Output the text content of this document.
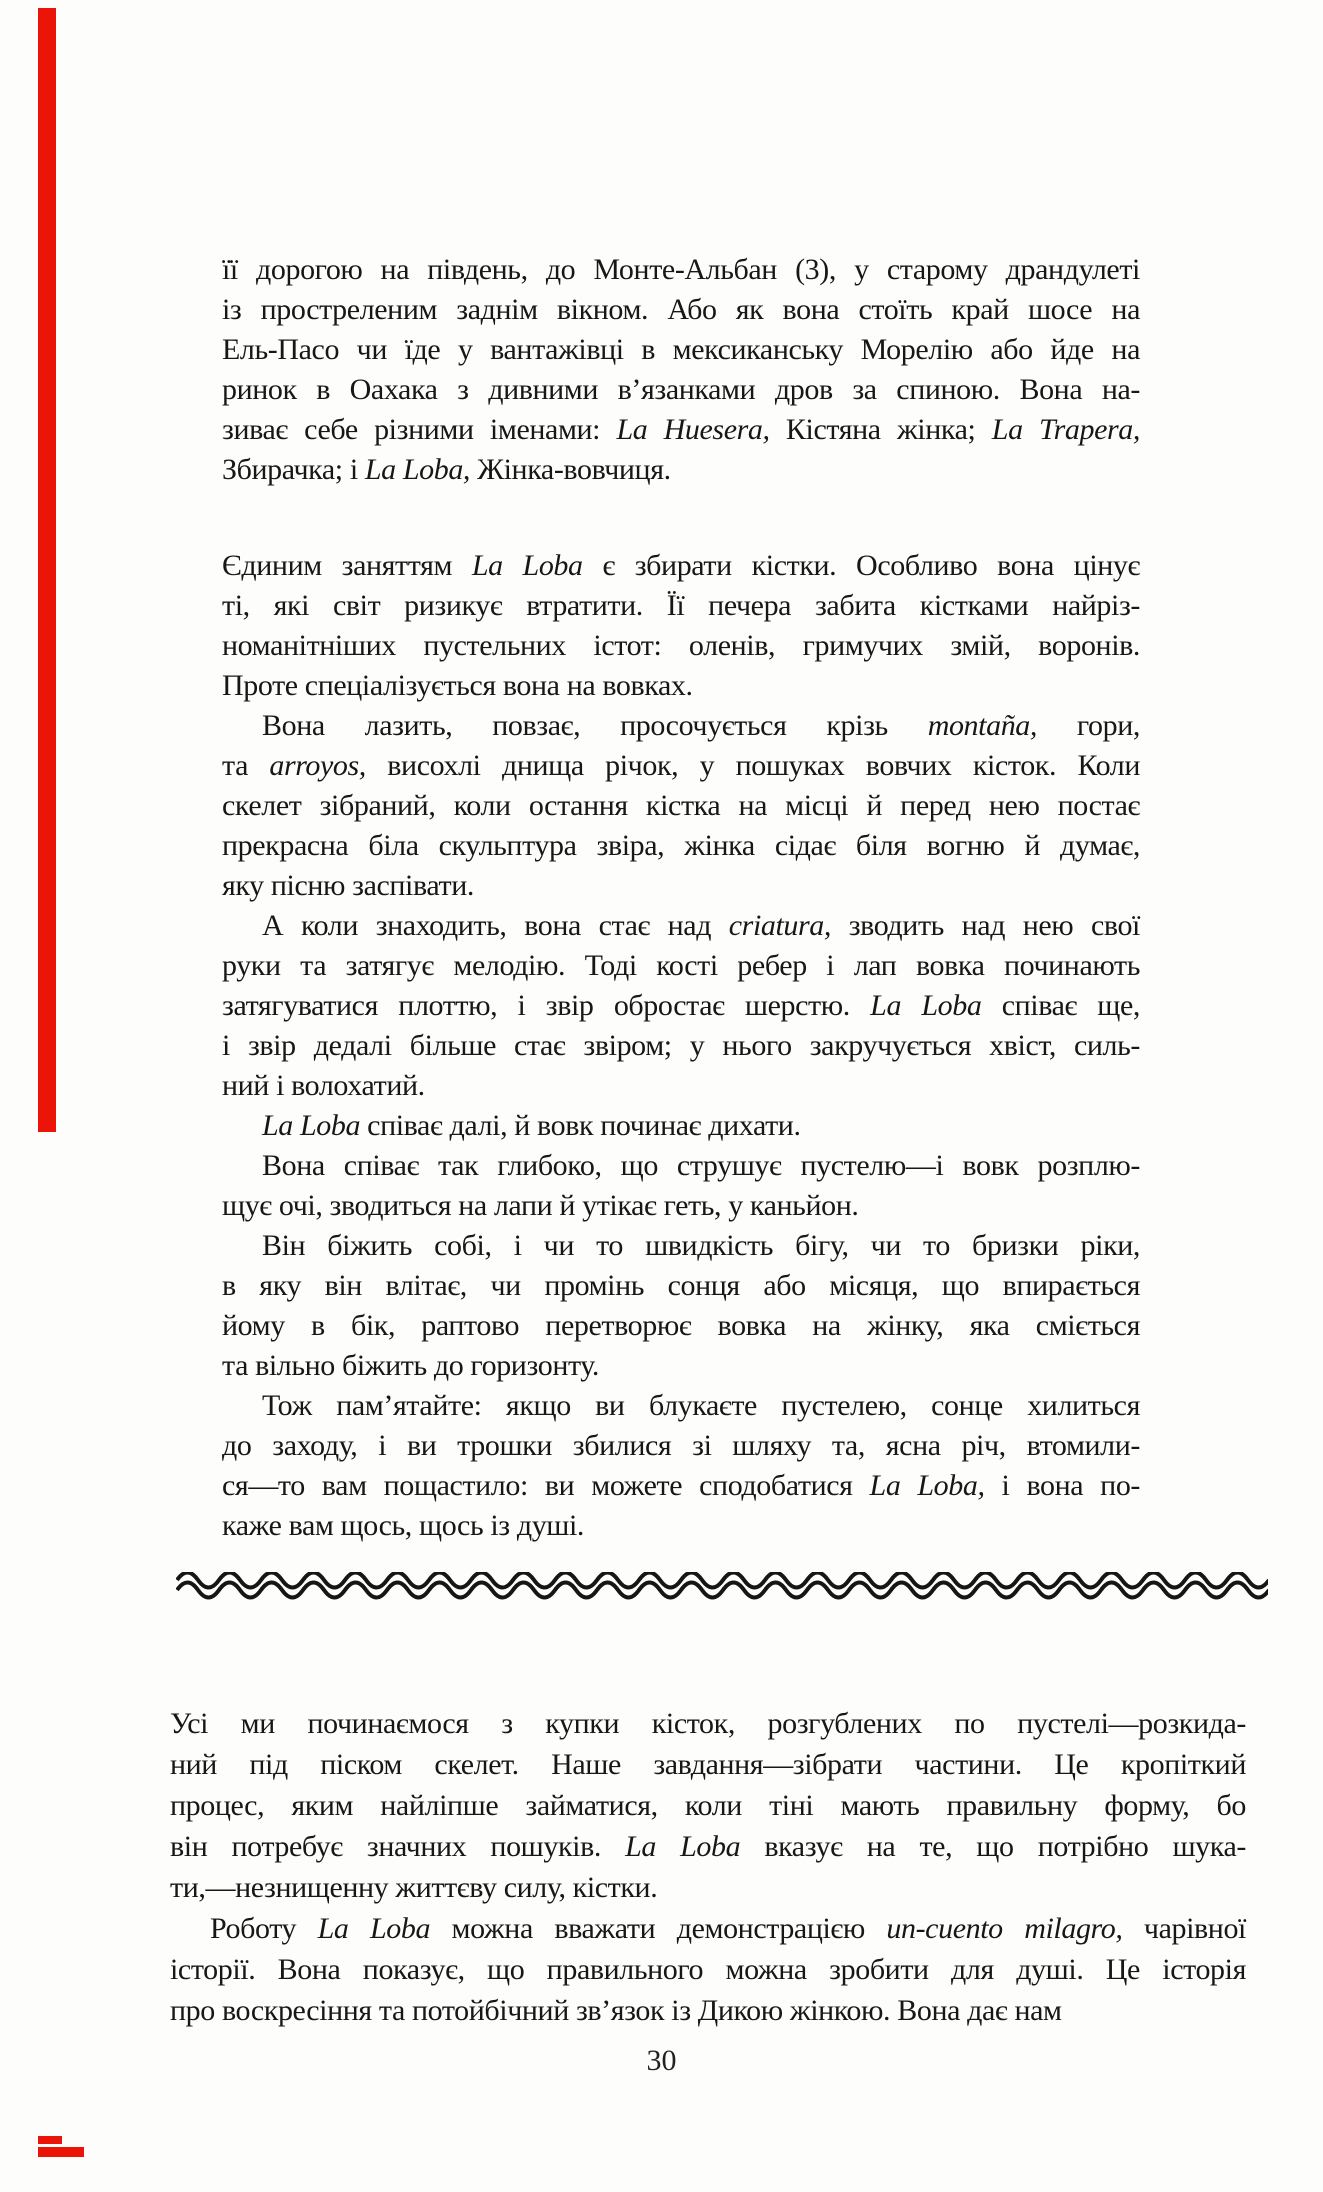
її дорогою на південь, до Монте-Альбан (3), у старому драндулеті
із простреленим заднім вікном. Або як вона стоїть край шосе на
Ель-Пасо чи їде у вантажівці в мексиканську Морелію або йде на
ринок в Оахака з дивними в’язанками дров за спиною. Вона на-
зиває себе різними іменами: La Huesera, Кістяна жінка; La Trapera,
Збирачка; і La Loba, Жінка-вовчиця.
Єдиним заняттям La Loba є збирати кістки. Особливо вона цінує
ті, які світ ризикує втратити. Її печера забита кістками найріз-
номанітніших пустельних істот: оленів, гримучих змій, воронів.
Проте спеціалізується вона на вовках.
Вона лазить, повзає, просочується крізь montaña, гори,
та arroyos, висохлі днища річок, у пошуках вовчих кісток. Коли
скелет зібраний, коли остання кістка на місці й перед нею постає
прекрасна біла скульптура звіра, жінка сідає біля вогню й думає,
яку пісню заспівати.
А коли знаходить, вона стає над criatura, зводить над нею свої
руки та затягує мелодію. Тоді кості ребер і лап вовка починають
затягуватися плоттю, і звір обростає шерстю. La Loba співає ще,
і звір дедалі більше стає звіром; у нього закручується хвіст, силь-
ний і волохатий.
La Loba співає далі, й вовк починає дихати.
Вона співає так глибоко, що струшує пустелю—і вовк розплю-
щує очі, зводиться на лапи й утікає геть, у каньйон.
Він біжить собі, і чи то швидкість бігу, чи то бризки ріки,
в яку він влітає, чи промінь сонця або місяця, що впирається
йому в бік, раптово перетворює вовка на жінку, яка сміється
та вільно біжить до горизонту.
Тож пам’ятайте: якщо ви блукаєте пустелею, сонце хилиться
до заходу, і ви трошки збилися зі шляху та, ясна річ, втомили-
ся—то вам пощастило: ви можете сподобатися La Loba, і вона по-
каже вам щось, щось із душі.
Усі ми починаємося з купки кісток, розгублених по пустелі—розкида-
ний під піском скелет. Наше завдання—зібрати частини. Це кропіткий
процес, яким найліпше займатися, коли тіні мають правильну форму, бо
він потребує значних пошуків. La Loba вказує на те, що потрібно шука-
ти,—незнищенну життєву силу, кістки.
Роботу La Loba можна вважати демонстрацією un-cuento milagro, чарівної
історії. Вона показує, що правильного можна зробити для душі. Це історія
про воскресіння та потойбічний зв’язок із Дикою жінкою. Вона дає нам
30
